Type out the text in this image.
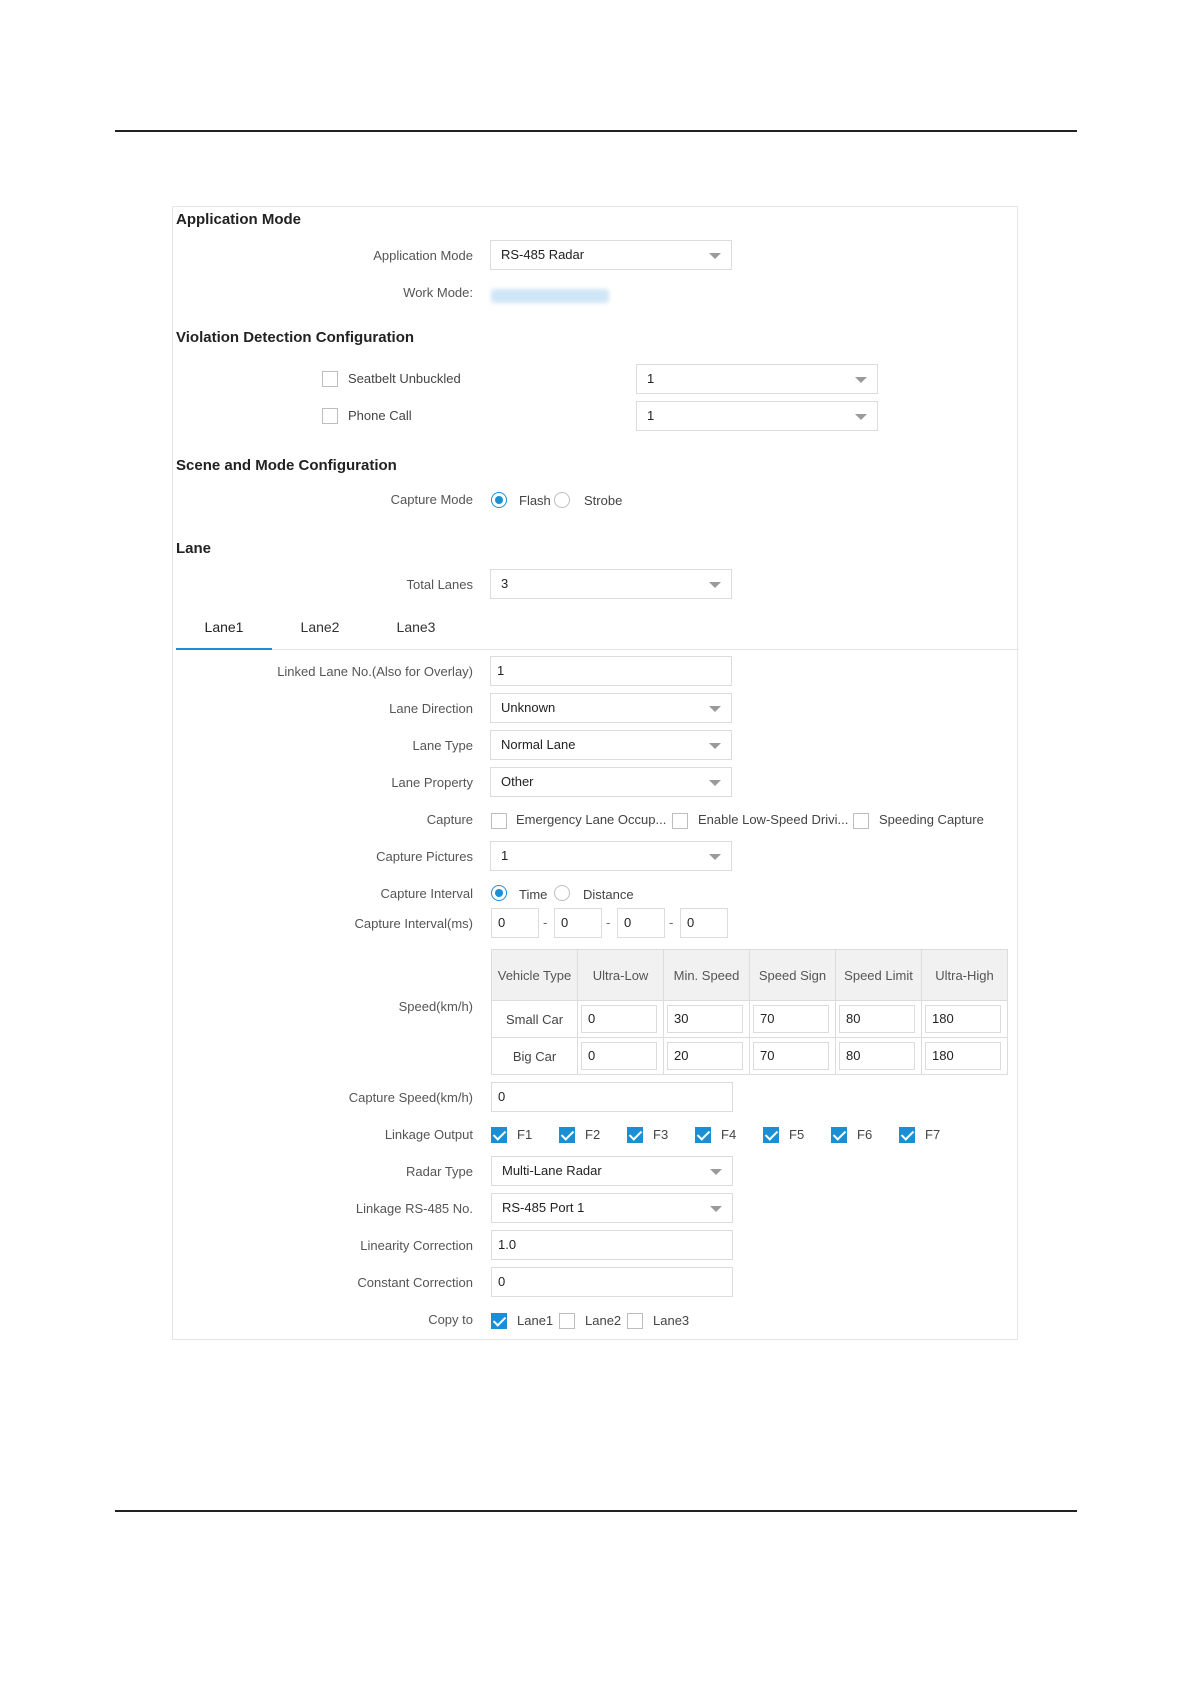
Application Mode
Application Mode	RS-485 Radar
Work Mode:
Violation Detection Configuration
Seatbelt Unbuckled	1
Phone Call	1
Scene and Mode Configuration
Capture Mode	Flash	Strobe
Lane
Total Lanes	3
Lane1	Lane2	Lane3
Linked Lane No.(Also for Overlay)	1
Lane Direction	Unknown
Lane Type	Normal Lane
Lane Property	Other
Capture	Emergency Lane Occup... Enable Low-Speed Drivi... Speeding Capture
Capture Pictures	1
Capture Interval	Time	Distance
Capture Interval(ms)	0	-	0	-	0	-	0
Speed(km/h)
Vehicle Type	Ultra-Low	Min. Speed	Speed Sign	Speed Limit	Ultra-High
Small Car	0	30	70	80	180

Big Car	0	20	70	80	180
Capture Speed(km/h)	0
Linkage Output	F1	F2	F3	F4	F5	F6	F7
Radar Type	Multi-Lane Radar
Linkage RS-485 No.	RS-485 Port 1
Linearity Correction	1.0
Constant Correction	0
Copy to	Lane1 Lane2 Lane3
